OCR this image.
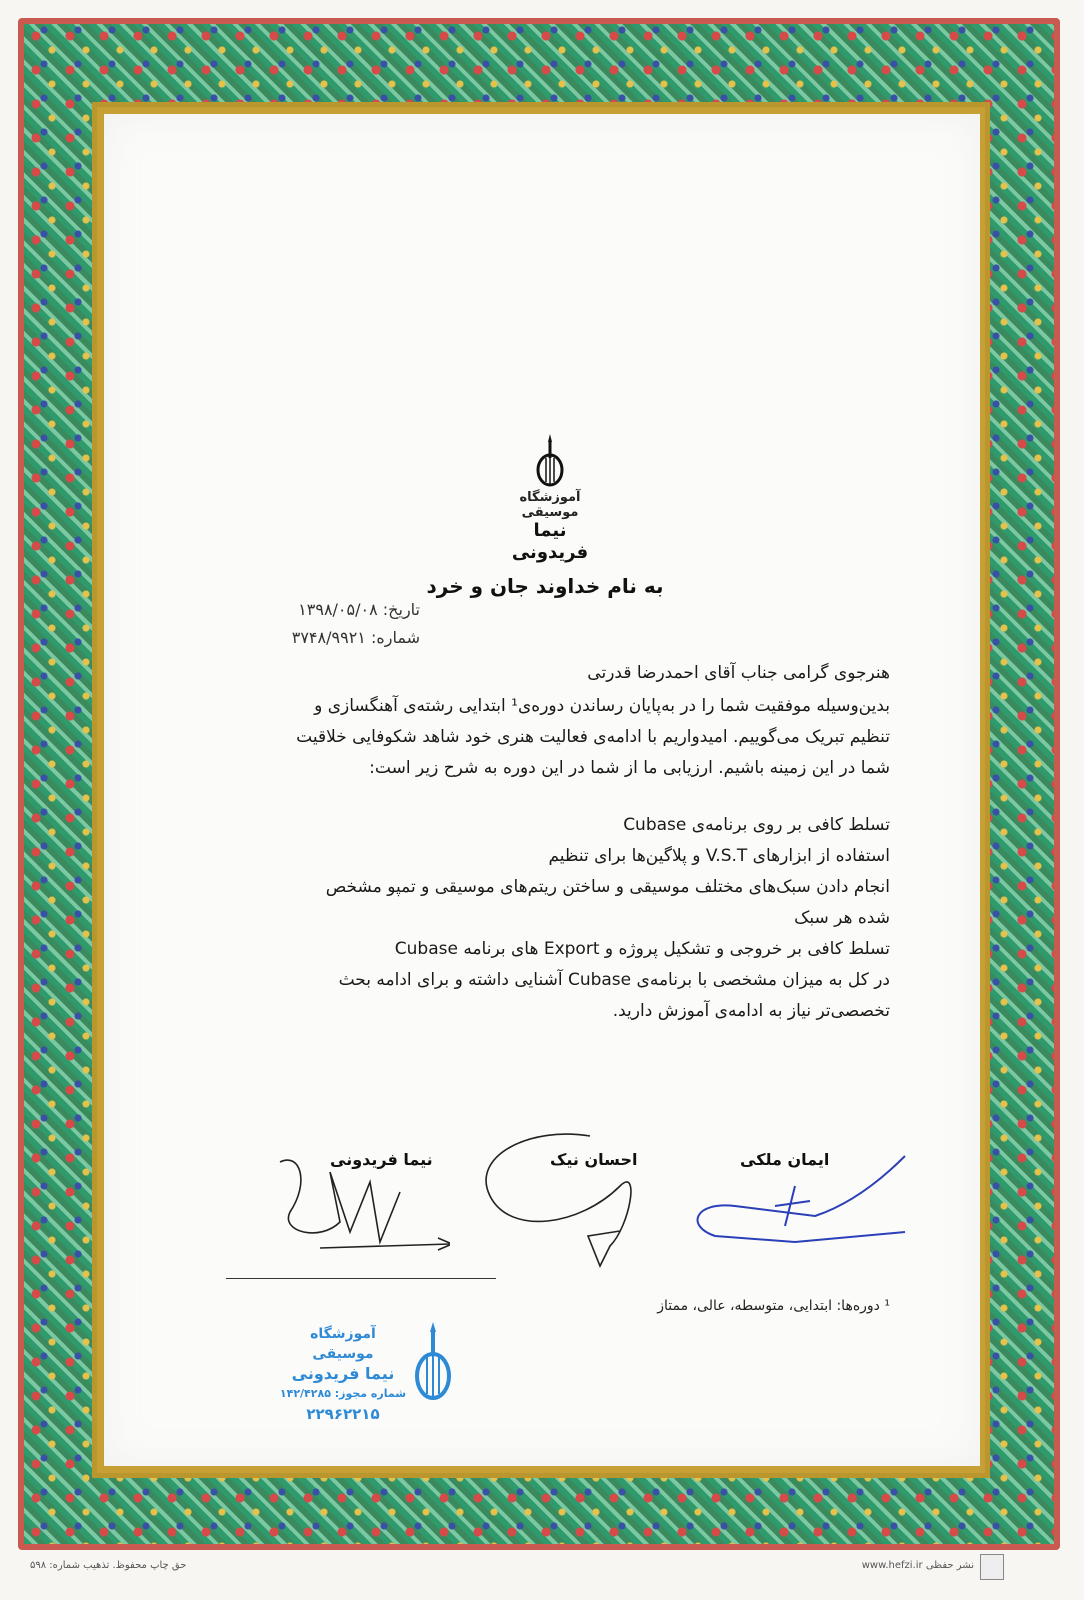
آموزشگاه موسیقی
نیما فریدونی
به نام خداوند جان و خرد
تاریخ: ۱۳۹۸/۰۵/۰۸
شماره: ۳۷۴۸/۹۹۲۱

هنرجوی گرامی جناب آقای احمدرضا قدرتی

بدین‌وسیله موفقیت شما را در به‌پایان رساندن دوره‌ی¹ ابتدایی رشته‌ی آهنگسازی و

تنظیم تبریک می‌گوییم. امیدواریم با ادامه‌ی فعالیت هنری خود شاهد شکوفایی خلاقیت

شما در این زمینه باشیم. ارزیابی ما از شما در این دوره به شرح زیر است:

تسلط کافی بر روی برنامه‌ی Cubase

استفاده از ابزارهای V.S.T و پلاگین‌ها برای تنظیم

انجام دادن سبک‌های مختلف موسیقی و ساختن ریتم‌های موسیقی و تمپو مشخص

شده هر سبک

تسلط کافی بر خروجی و تشکیل پروژه و Export های برنامه Cubase

در کل به میزان مشخصی با برنامه‌ی Cubase آشنایی داشته و برای ادامه بحث

تخصصی‌تر نیاز به ادامه‌ی آموزش دارید.

نیما فریدونی	احسان نیک	ایمان ملکی
¹ دوره‌ها: ابتدایی، متوسطه، عالی، ممتاز
آموزشگاه موسیقی
نیما فریدونی
شماره مجوز: ۱۴۲/۴۲۸۵
۲۲۹۶۲۲۱۵
حق چاپ محفوظ. تذهیب شماره: ۵۹۸	www.hefzi.ir نشر حفظی
